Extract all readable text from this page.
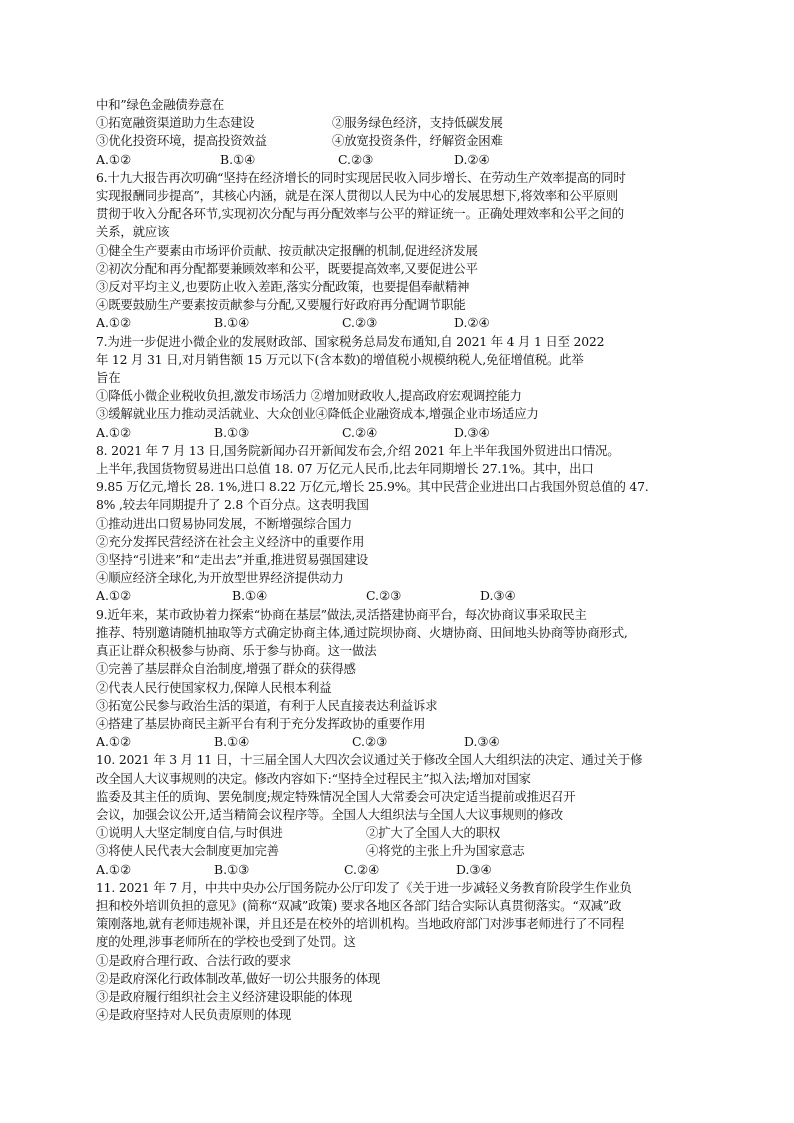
中和”绿色金融债券意在
①拓宽融资渠道助力生态建设	②服务绿色经济，支持低碳发展
③优化投资环境，提高投资效益	④放宽投资条件，纾解资金困难
A.①②	B.①④	C.②③	D.②④
6.十九大报告再次叨确“坚持在经济增长的同时实现居民收入同步增长、在劳动生产效率提高的同时
实现报酬同步提高”，其核心内涵，就是在深人贯彻以人民为中心的发展思想下,将效率和公平原则
贯彻于收入分配各环节,实现初次分配与再分配效率与公平的辩证统一。正确处理效率和公平之间的
关系，就应该
①健全生产要素由市场评价贡献、按贡献决定报酬的机制,促进经济发展
②初次分配和再分配都要兼顾效率和公平，既要提高效率,又要促进公平
③反对平均主义,也要防止收入差距,落实分配政策，也要提倡奉献精神
④既要鼓励生产要素按贡献参与分配,又要履行好政府再分配调节职能
A.①②	B.①④	C.②③	D.②④
7.为进一步促进小微企业的发展财政部、国家税务总局发布通知,自 2021 年 4 月 1 日至 2022
年 12 月 31 日,对月销售额 15 万元以下(含本数)的增值税小规模纳税人,免征增值税。此举
旨在
①降低小微企业税收负担,激发市场活力 ②增加财政收人,提高政府宏观调控能力
③缓解就业压力推动灵活就业、大众创业④降低企业融资成本,增强企业市场适应力
A.①②	B.①③	C.②④	D.③④
8. 2021 年 7 月 13 日,国务院新闻办召开新闻发布会,介绍 2021 年上半年我国外贸进出口情况。
上半年,我国货物贸易进出口总值 18. 07 万亿元人民币,比去年同期增长 27.1%。其中，出口
9.85 万亿元,增长 28. 1%,进口 8.22 万亿元,增长 25.9%。其中民营企业进出口占我国外贸总值的 47.
8% ,较去年同期提升了 2.8 个百分点。这表明我国
①推动进出口贸易协同发展，不断增强综合国力
②充分发挥民营经济在社会主义经济中的重要作用
③坚持“引进来”和“走出去”并重,推进贸易强国建设
④顺应经济全球化,为开放型世界经济提供动力
A.①②	B.①④	C.②③	D.③④
9.近年来，某市政协着力探索“协商在基层”做法,灵活搭建协商平台，每次协商议事采取民主
推荐、特别邀请随机抽取等方式确定协商主体,通过院坝协商、火塘协商、田间地头协商等协商形式,
真正让群众积极参与协商、乐于参与协商。这一做法
①完善了基层群众自治制度,增强了群众的获得感
②代表人民行使国家权力,保障人民根本利益
③拓宽公民参与政治生活的渠道，有利于人民直接表达利益诉求
④搭建了基层协商民主新平台有利于充分发挥政协的重要作用
A.①②	B.①④	C.②③	D.③④
10. 2021 年 3 月 11 日，十三届全国人大四次会议通过关于修改全国人大组织法的决定、通过关于修
改全国人大议事规则的决定。修改内容如下:“坚持全过程民主”拟入法;增加对国家
监委及其主任的质询、罢免制度;规定特殊情况全国人大常委会可决定适当提前或推迟召开
会议，加强会议公开,适当精简会议程序等。全国人大组织法与全国人大议事规则的修改
①说明人大坚定制度自信,与时俱进	②扩大了全国人大的职权
③将使人民代表大会制度更加完善	④将党的主张上升为国家意志
A.①②	B.①③	C.②④	D.③④
11. 2021 年 7 月，中共中央办公厅国务院办公厅印发了《关于进一步减轻义务教育阶段学生作业负
担和校外培训负担的意见》(简称“双减”政策) 要求各地区各部门结合实际认真贯彻落实。“双减”政
策刚落地,就有老师违规补课，并且还是在校外的培训机构。当地政府部门对涉事老师进行了不同程
度的处理,涉事老师所在的学校也受到了处罚。这
①是政府合理行政、合法行政的要求
②是政府深化行政体制改革,做好一切公共服务的体现
③是政府履行组织社会主义经济建设职能的体现
④是政府坚持对人民负责原则的体现
